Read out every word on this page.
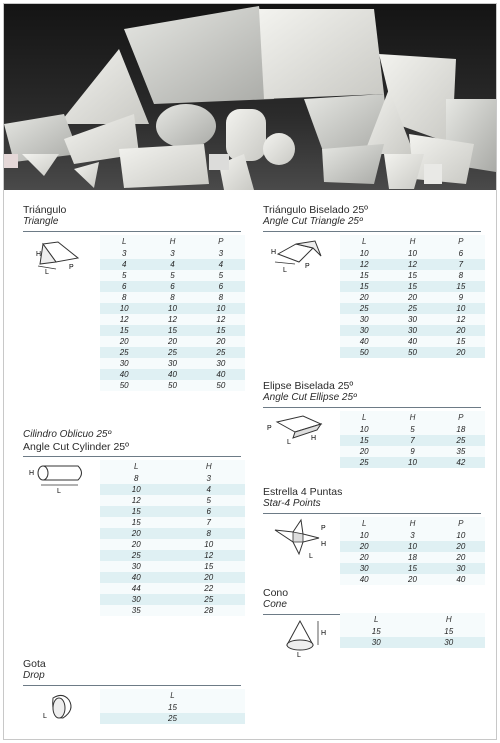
Triángulo
Triangle
H
L
P
L	H	P
3	3	3
4	4	4
5	5	5
6	6	6
8	8	8
10	10	10
12	12	12
15	15	15
20	20	20
25	25	25
30	30	30
40	40	40
50	50	50
Triángulo Biselado 25º
Angle Cut Triangle 25º
H
L
P
L	H	P
10	10	6
12	12	7
15	15	8
15	15	15
20	20	9
25	25	10
30	30	12
30	30	20
40	40	15
50	50	20
Elipse Biselada 25º
Angle Cut Ellipse 25º
H
L
P
L	H	P
10	5	18
15	7	25
20	9	35
25	10	42
Cilindro Oblicuo 25º
Angle Cut Cylinder 25º
H
L
L	H
8	3
10	4
12	5
15	6
15	7
20	8
20	10
25	12
30	15
40	20
44	22
30	25
35	28
Estrella 4 Puntas
Star-4 Points
P
H
L
L	H	P
10	3	10
20	10	20
20	18	20
30	15	30
40	20	40
Cono
Cone
H
L
L	H
15	15
30	30
Gota
Drop
L
L
15
25
